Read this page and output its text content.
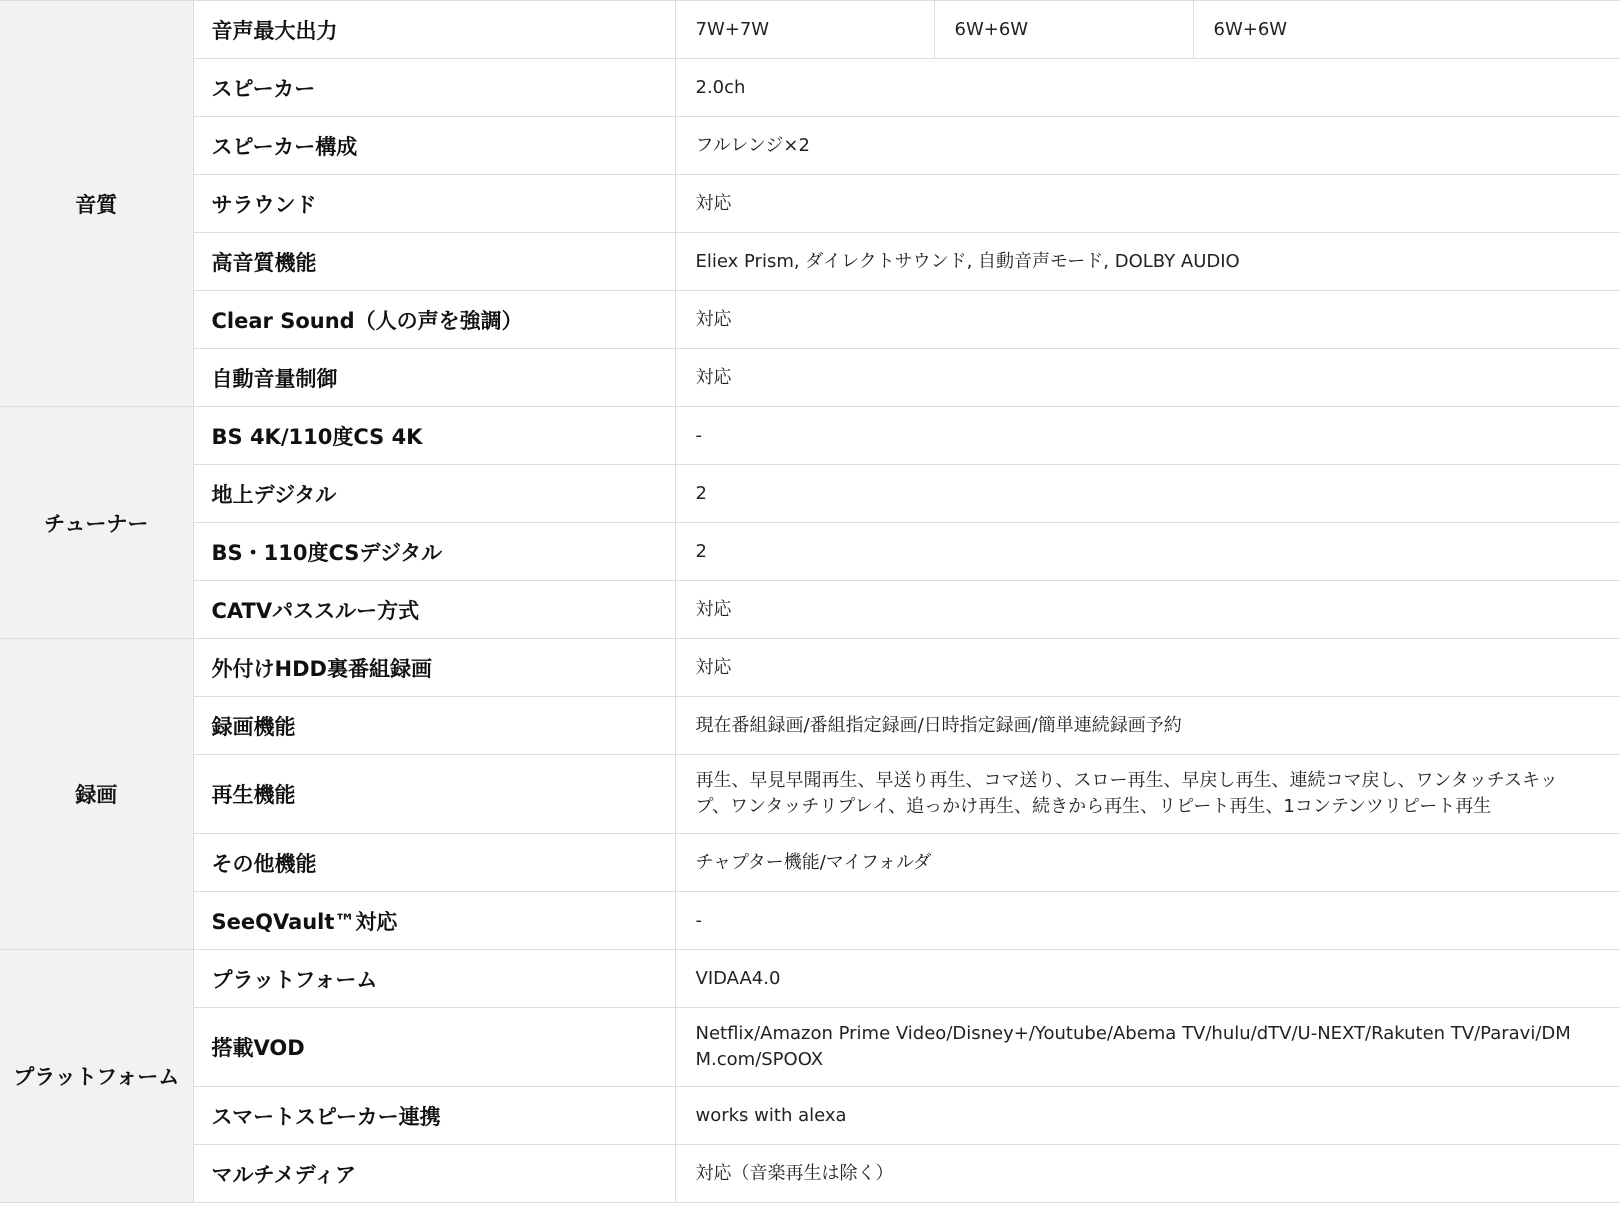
音質	音声最大出力	7W+7W	6W+6W	6W+6W
	スピーカー	2.0ch		
	スピーカー構成	フルレンジ×2		
	サラウンド	対応		
	高音質機能	Eliex Prism, ダイレクトサウンド, 自動音声モード, DOLBY AUDIO		
	Clear Sound（人の声を強調）	対応		
	自動音量制御	対応		
チューナー	BS 4K/110度CS 4K	-		
	地上デジタル	2		
	BS・110度CSデジタル	2		
	CATVパススルー方式	対応		
録画	外付けHDD裏番組録画	対応		
	録画機能	現在番組録画/番組指定録画/日時指定録画/簡単連続録画予約		
	再生機能	再生、早見早聞再生、早送り再生、コマ送り、スロー再生、早戻し再生、連続コマ戻し、ワンタッチスキップ、ワンタッチリプレイ、追っかけ再生、続きから再生、リピート再生、1コンテンツリピート再生		
	その他機能	チャプター機能/マイフォルダ		
	SeeQVault™対応	-		
プラットフォーム	プラットフォーム	VIDAA4.0		
	搭載VOD	Netflix/Amazon Prime Video/Disney+/Youtube/Abema TV/hulu/dTV/U-NEXT/Rakuten TV/Paravi/DMM.com/SPOOX		
	スマートスピーカー連携	works with alexa		
	マルチメディア	対応（音楽再生は除く）		
